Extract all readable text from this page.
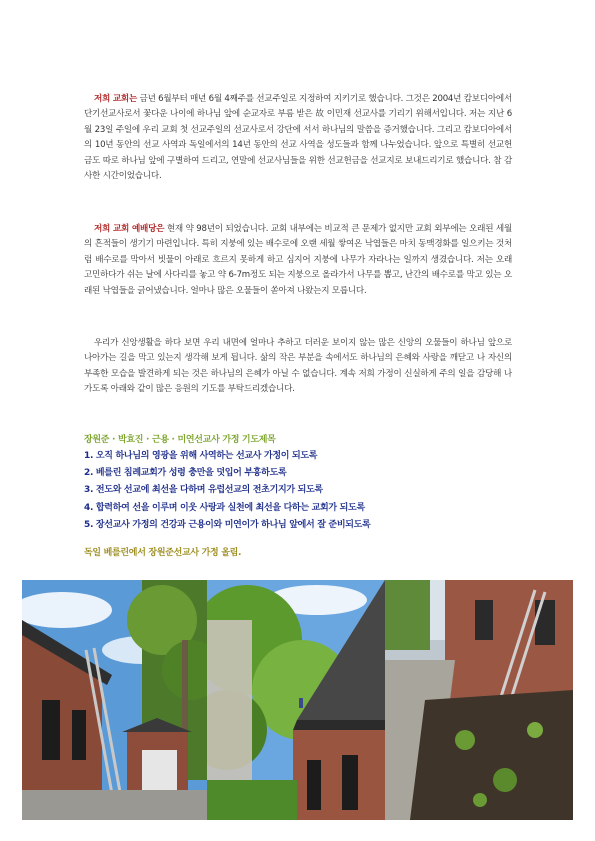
저희 교회는 금년 6월부터 매년 6월 4째주를 선교주일로 지정하여 지키기로 했습니다. 그것은 2004년 캄보디아에서 단기선교사로서 꽃다운 나이에 하나님 앞에 순교자로 부름 받은 故 이민재 선교사를 기리기 위해서입니다. 저는 지난 6월 23일 주일에 우리 교회 첫 선교주일의 선교사로서 강단에 서서 하나님의 말씀을 증거했습니다. 그리고 캄보디아에서의 10년 동안의 선교 사역과 독일에서의 14년 동안의 선교 사역을 성도들과 함께 나누었습니다. 앞으로 특별히 선교헌금도 따로 하나님 앞에 구별하여 드리고, 연말에 선교사님들을 위한 선교헌금을 선교지로 보내드리기로 했습니다. 참 감사한 시간이었습니다.

저희 교회 예배당은 현재 약 98년이 되었습니다. 교회 내부에는 비교적 큰 문제가 없지만 교회 외부에는 오래된 세월의 흔적들이 생기기 마련입니다. 특히 지붕에 있는 배수로에 오랜 세월 쌓여온 낙엽들은 마치 동맥경화를 일으키는 것처럼 배수로를 막아서 빗물이 아래로 흐르지 못하게 하고 심지어 지붕에 나무가 자라나는 일까지 생겼습니다. 저는 오래 고민하다가 쉬는 날에 사다리를 놓고 약 6-7m정도 되는 지붕으로 올라가서 나무를 뽑고, 난간의 배수로를 막고 있는 오래된 낙엽들을 긁어냈습니다. 얼마나 많은 오물들이 쏟아져 나왔는지 모릅니다.

우리가 신앙생활을 하다 보면 우리 내면에 얼마나 추하고 더러운 보이지 않는 많은 신앙의 오물들이 하나님 앞으로 나아가는 길을 막고 있는지 생각해 보게 됩니다. 삶의 작은 부분을 속에서도 하나님의 은혜와 사랑을 깨닫고 나 자신의 부족한 모습을 발견하게 되는 것은 하나님의 은혜가 아닐 수 없습니다. 계속 저희 가정이 신실하게 주의 일을 감당해 나가도록 아래와 같이 많은 응원의 기도를 부탁드리겠습니다.

장원준 · 박효진 · 근용 · 미연선교사 가정 기도제목
1. 오직 하나님의 영광을 위해 사역하는 선교사 가정이 되도록
2. 베를린 침례교회가 성령 충만을 덧입어 부흥하도록
3. 전도와 선교에 최선을 다하며 유럽선교의 전초기지가 되도록
4. 합력하여 선을 이루며 이웃 사랑과 실천에 최선을 다하는 교회가 되도록
5. 장선교사 가정의 건강과 근용이와 미연이가 하나님 앞에서 잘 준비되도록
독일 베를린에서 장원준선교사 가정 올림.
